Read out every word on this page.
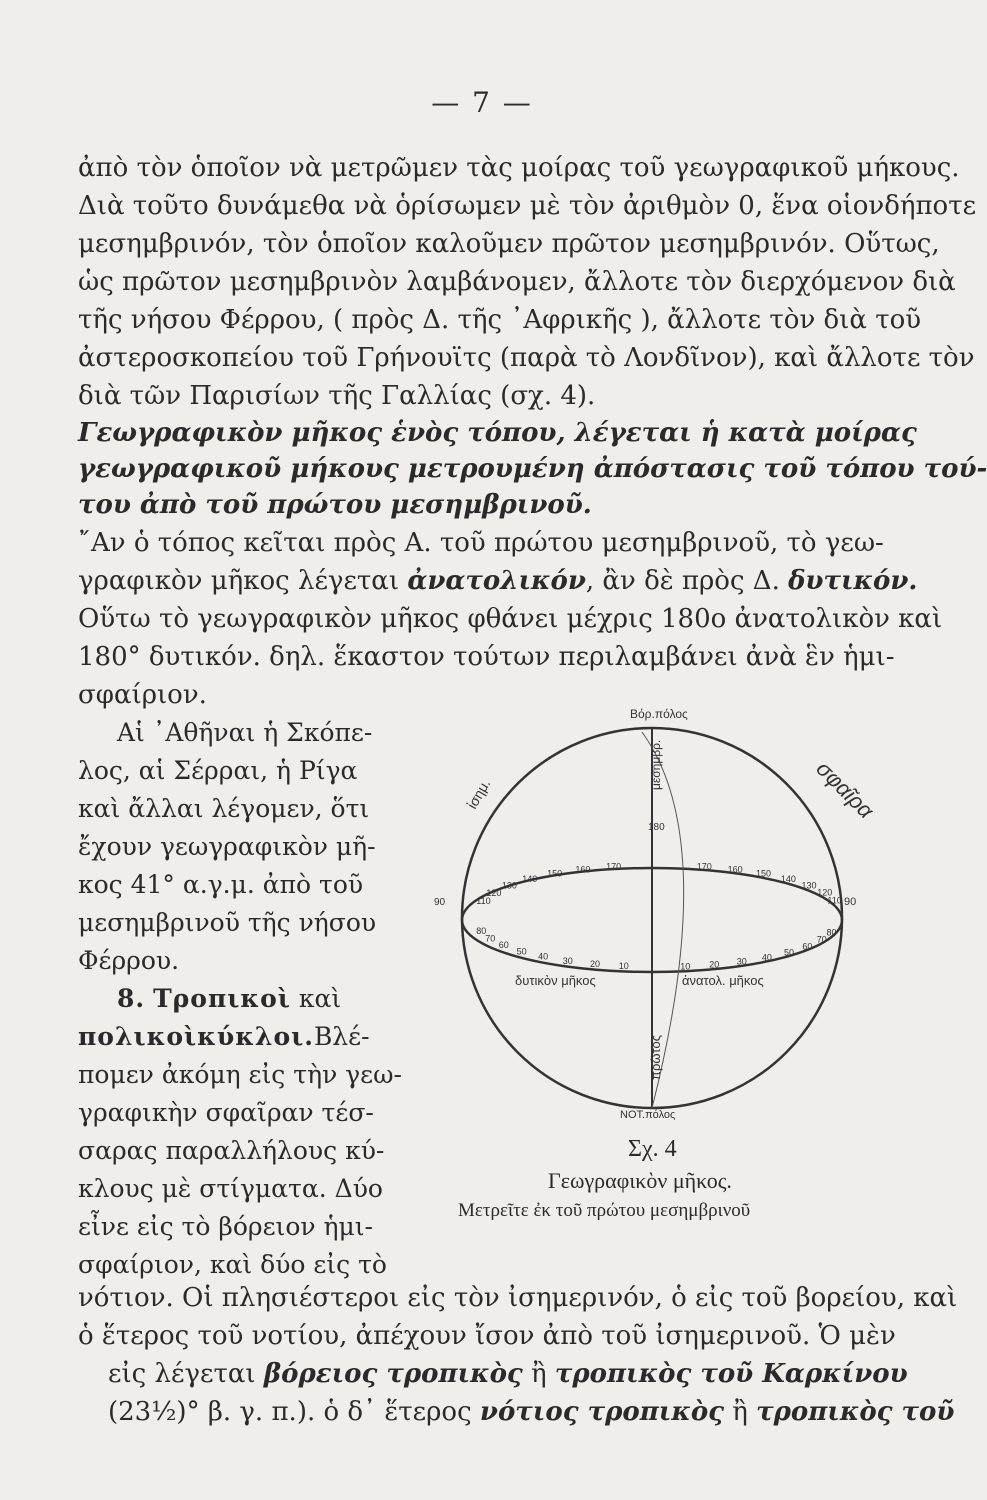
— 7 —
ἀπὸ τὸν ὁποῖον νὰ μετρῶμεν τὰς μοίρας τοῦ γεωγραφικοῦ μήκους.
Διὰ τοῦτο δυνάμεθα νὰ ὁρίσωμεν μὲ τὸν ἀριθμὸν 0, ἕνα οἱονδήποτε
μεσημβρινόν, τὸν ὁποῖον καλοῦμεν πρῶτον μεσημβρινόν. Οὕτως,
ὡς πρῶτον μεσημβρινὸν λαμβάνομεν, ἄλλοτε τὸν διερχόμενον διὰ
τῆς νήσου Φέρρου, ( πρὸς Δ. τῆς ᾿Αφρικῆς ), ἄλλοτε τὸν διὰ τοῦ
ἀστεροσκοπείου τοῦ Γρήνουϊτς (παρὰ τὸ Λονδῖνον), καὶ ἄλλοτε τὸν
διὰ τῶν Παρισίων τῆς Γαλλίας (σχ. 4).
Γεωγραφικὸν μῆκος ἑνὸς τόπου, λέγεται ἡ κατὰ μοίρας
γεωγραφικοῦ μήκους μετρουμένη ἀπόστασις τοῦ τόπου τού-
του ἀπὸ τοῦ πρώτου μεσημβρινοῦ.
῎Αν ὁ τόπος κεῖται πρὸς Α. τοῦ πρώτου μεσημβρινοῦ, τὸ γεω-
γραφικὸν μῆκος λέγεται ἀνατολικόν, ἂν δὲ πρὸς Δ. δυτικόν.
Οὕτω τὸ γεωγραφικὸν μῆκος φθάνει μέχρις 180ο ἀνατολικὸν καὶ
180° δυτικόν. δηλ. ἕκαστον τούτων περιλαμβάνει ἀνὰ ἓν ἡμι-
σφαίριον.
Αἱ ᾿Αθῆναι ἡ Σκόπε-
λος, αἱ Σέρραι, ἡ Ρίγα
καὶ ἄλλαι λέγομεν, ὅτι
ἔχουν γεωγραφικὸν μῆ-
κος 41° α.γ.μ. ἀπὸ τοῦ
μεσημβρινοῦ τῆς νήσου
Φέρρου.
8. Τροπικοὶ καὶ
πολικοὶκύκλοι.Βλέ-
πομεν ἀκόμη εἰς τὴν γεω-
γραφικὴν σφαῖραν τέσ-
σαρας παραλλήλους κύ-
κλους μὲ στίγματα. Δύο
εἶνε εἰς τὸ βόρειον ἡμι-
σφαίριον, καὶ δύο εἰς τὸ
Βόρ.πόλος
ΝΟΤ.πόλος
σφαῖρα
ἰσημ.
μεσημβρ.
πρῶτος
δυτικὸν μῆκος	ἀνατολ. μῆκος
180
90	90
110
120
130
140
150 160 170	170 160 150
140
130
120
110
80
70
60
50
40 30 20 10	10 20 30 40
50
60
70
80
Σχ. 4
Γεωγραφικὸν μῆκος.
Μετρεῖτε ἐκ τοῦ πρώτου μεσημβρινοῦ
νότιον. Οἱ πλησιέστεροι εἰς τὸν ἰσημερινόν, ὁ εἰς τοῦ βορείου, καὶ
ὁ ἕτερος τοῦ νοτίου, ἀπέχουν ἴσον ἀπὸ τοῦ ἰσημερινοῦ. Ὁ μὲν
εἰς λέγεται βόρειος τροπικὸς ἢ τροπικὸς τοῦ Καρκίνου
(23½)° β. γ. π.). ὁ δ᾿ ἕτερος νότιος τροπικὸς ἢ τροπικὸς τοῦ
